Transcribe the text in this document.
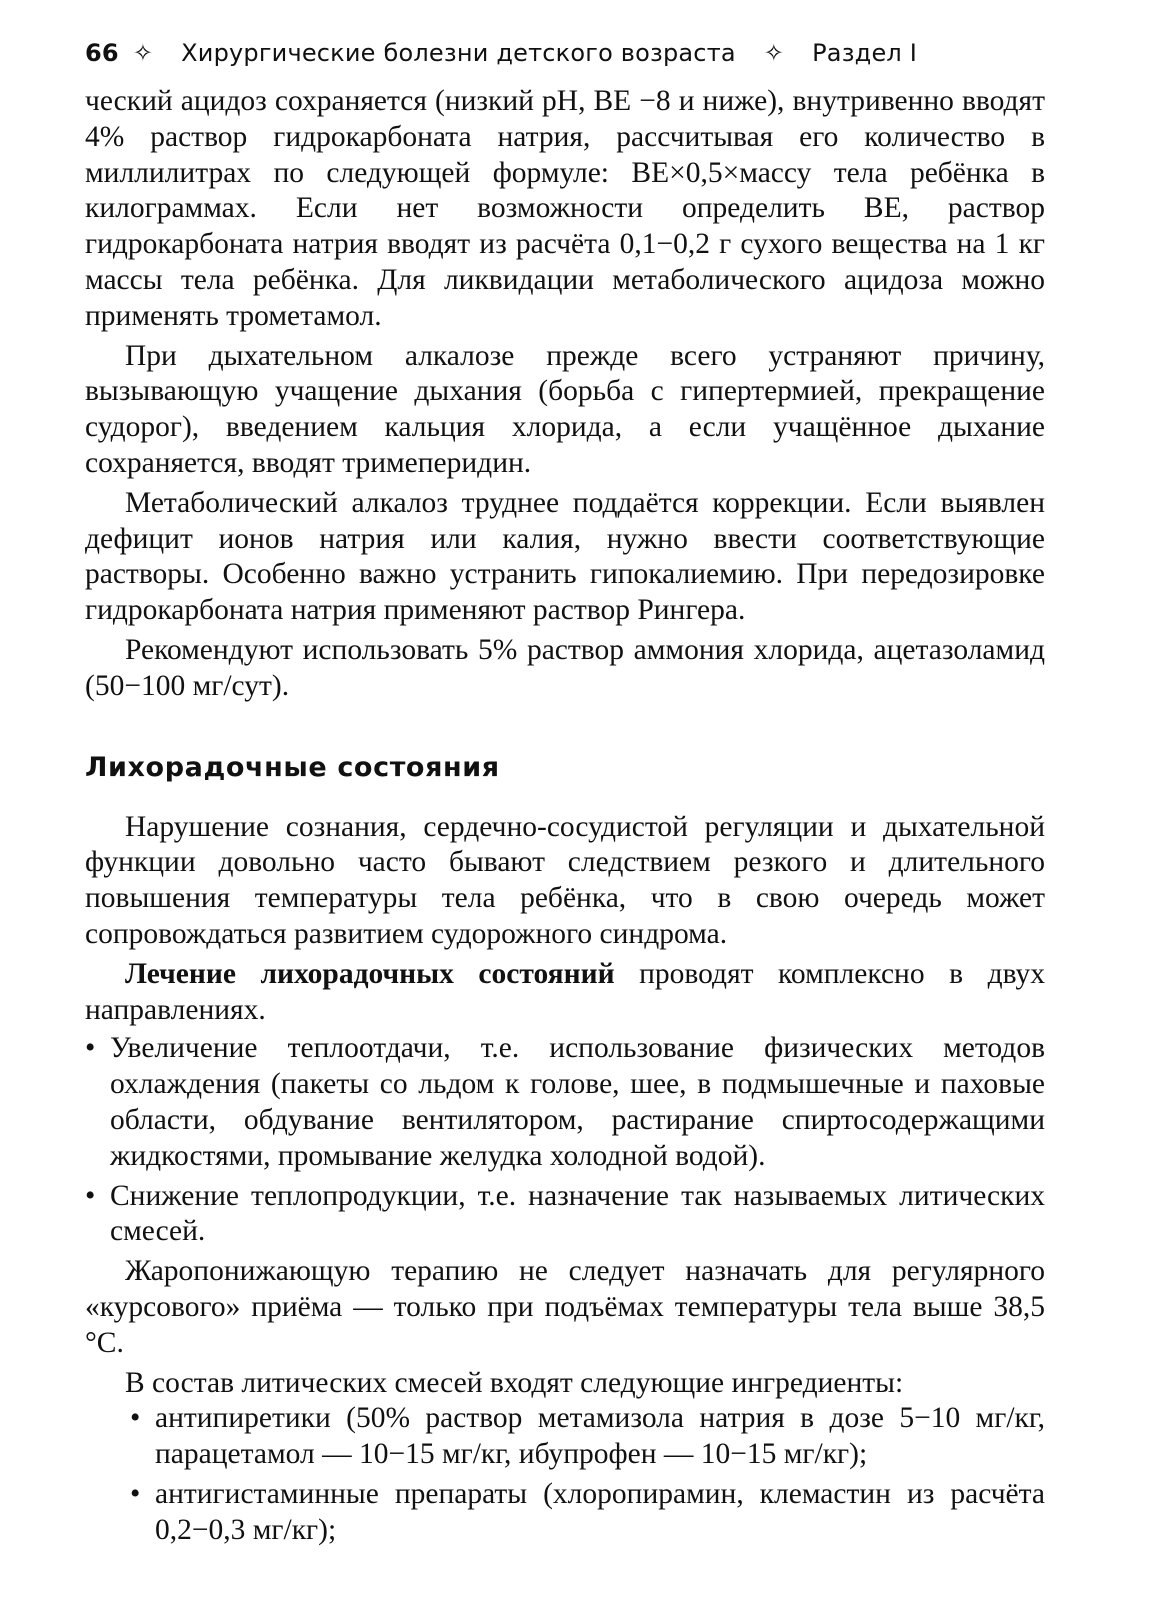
66 ✧ Хирургические болезни детского возраста ✧ Раздел I

ческий ацидоз сохраняется (низкий pH, BE −8 и ниже), внутривенно вводят 4% раствор гидрокарбоната натрия, рассчитывая его количество в миллилитрах по следующей формуле: BE×0,5×массу тела ребёнка в килограммах. Если нет возможности определить BE, раствор гидрокарбоната натрия вводят из расчёта 0,1−0,2 г сухого вещества на 1 кг массы тела ребёнка. Для ликвидации метаболического ацидоза можно применять трометамол.

При дыхательном алкалозе прежде всего устраняют причину, вызывающую учащение дыхания (борьба с гипертермией, прекращение судорог), введением кальция хлорида, а если учащённое дыхание сохраняется, вводят тримеперидин.

Метаболический алкалоз труднее поддаётся коррекции. Если выявлен дефицит ионов натрия или калия, нужно ввести соответствующие растворы. Особенно важно устранить гипокалиемию. При передозировке гидрокарбоната натрия применяют раствор Рингера.

Рекомендуют использовать 5% раствор аммония хлорида, ацетазоламид (50−100 мг/сут).

Лихорадочные состояния

Нарушение сознания, сердечно-сосудистой регуляции и дыхательной функции довольно часто бывают следствием резкого и длительного повышения температуры тела ребёнка, что в свою очередь может сопровождаться развитием судорожного синдрома.

Лечение лихорадочных состояний проводят комплексно в двух направлениях.

• Увеличение теплоотдачи, т.е. использование физических методов охлаждения (пакеты со льдом к голове, шее, в подмышечные и паховые области, обдувание вентилятором, растирание спиртосодержащими жидкостями, промывание желудка холодной водой).
• Снижение теплопродукции, т.е. назначение так называемых литических смесей.

Жаропонижающую терапию не следует назначать для регулярного «курсового» приёма — только при подъёмах температуры тела выше 38,5 °С.

В состав литических смесей входят следующие ингредиенты:

• антипиретики (50% раствор метамизола натрия в дозе 5−10 мг/кг, парацетамол — 10−15 мг/кг, ибупрофен — 10−15 мг/кг);
• антигистаминные препараты (хлоропирамин, клемастин из расчёта 0,2−0,3 мг/кг);
